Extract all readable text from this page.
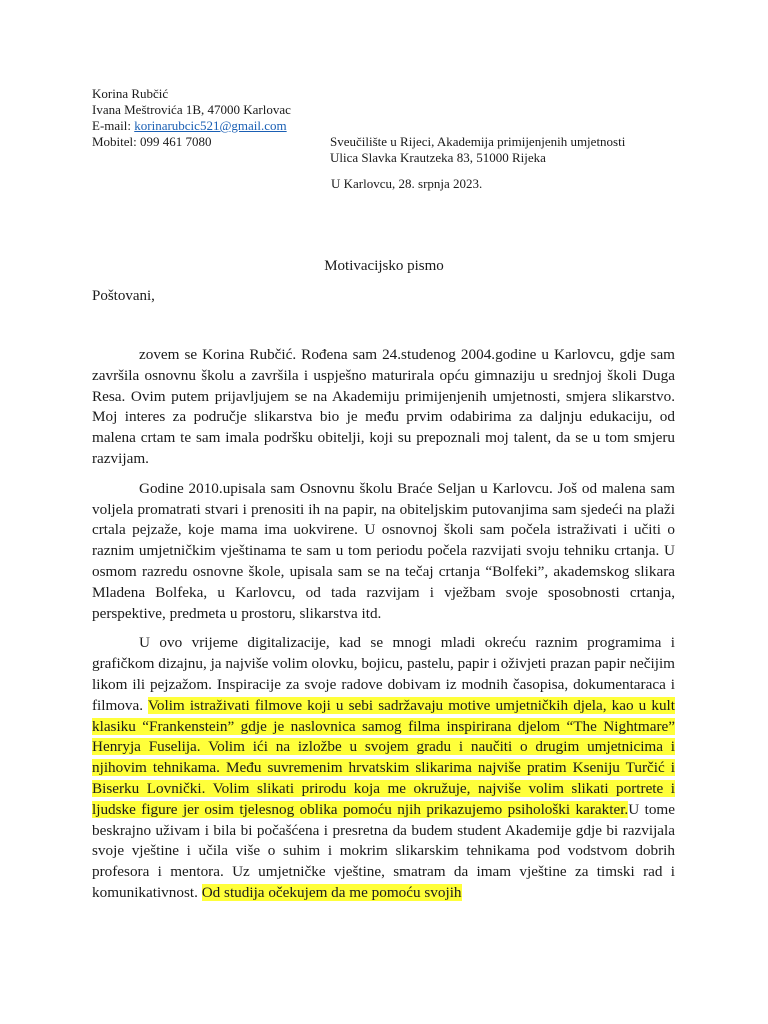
Korina Rubčić
Ivana Meštrovića 1B, 47000 Karlovac
E-mail: korinarubcic521@gmail.com
Mobitel: 099 461 7080	Sveučilište u Rijeci, Akademija primijenjenih umjetnosti
Ulica Slavka Krautzeka 83, 51000 Rijeka
U Karlovcu, 28. srpnja 2023.
Motivacijsko pismo
Poštovani,

zovem se Korina Rubčić. Rođena sam 24.studenog 2004.godine u Karlovcu, gdje sam završila osnovnu školu a završila i uspješno maturirala opću gimnaziju u srednjoj školi Duga Resa. Ovim putem prijavljujem se na Akademiju primijenjenih umjetnosti, smjera slikarstvo. Moj interes za područje slikarstva bio je među prvim odabirima za daljnju edukaciju, od malena crtam te sam imala podršku obitelji, koji su prepoznali moj talent, da se u tom smjeru razvijam.

Godine 2010.upisala sam Osnovnu školu Braće Seljan u Karlovcu. Još od malena sam voljela promatrati stvari i prenositi ih na papir, na obiteljskim putovanjima sam sjedeći na plaži crtala pejzaže, koje mama ima uokvirene. U osnovnoj školi sam počela istraživati i učiti o raznim umjetničkim vještinama te sam u tom periodu počela razvijati svoju tehniku crtanja. U osmom razredu osnovne škole, upisala sam se na tečaj crtanja “Bolfeki”, akademskog slikara Mladena Bolfeka, u Karlovcu, od tada razvijam i vježbam svoje sposobnosti crtanja, perspektive, predmeta u prostoru, slikarstva itd.

U ovo vrijeme digitalizacije, kad se mnogi mladi okreću raznim programima i grafičkom dizajnu, ja najviše volim olovku, bojicu, pastelu, papir i oživjeti prazan papir nečijim likom ili pejzažom. Inspiracije za svoje radove dobivam iz modnih časopisa, dokumentaraca i filmova. Volim istraživati filmove koji u sebi sadržavaju motive umjetničkih djela, kao u kult klasiku “Frankenstein” gdje je naslovnica samog filma inspirirana djelom “The Nightmare” Henryja Fuselija. Volim ići na izložbe u svojem gradu i naučiti o drugim umjetnicima i njihovim tehnikama. Među suvremenim hrvatskim slikarima najviše pratim Kseniju Turčić i Biserku Lovnički. Volim slikati prirodu koja me okružuje, najviše volim slikati portrete i ljudske figure jer osim tjelesnog oblika pomoću njih prikazujemo psihološki karakter.U tome beskrajno uživam i bila bi počašćena i presretna da budem student Akademije gdje bi razvijala svoje vještine i učila više o suhim i mokrim slikarskim tehnikama pod vodstvom dobrih profesora i mentora. Uz umjetničke vještine, smatram da imam vještine za timski rad i komunikativnost. Od studija očekujem da me pomoću svojih
